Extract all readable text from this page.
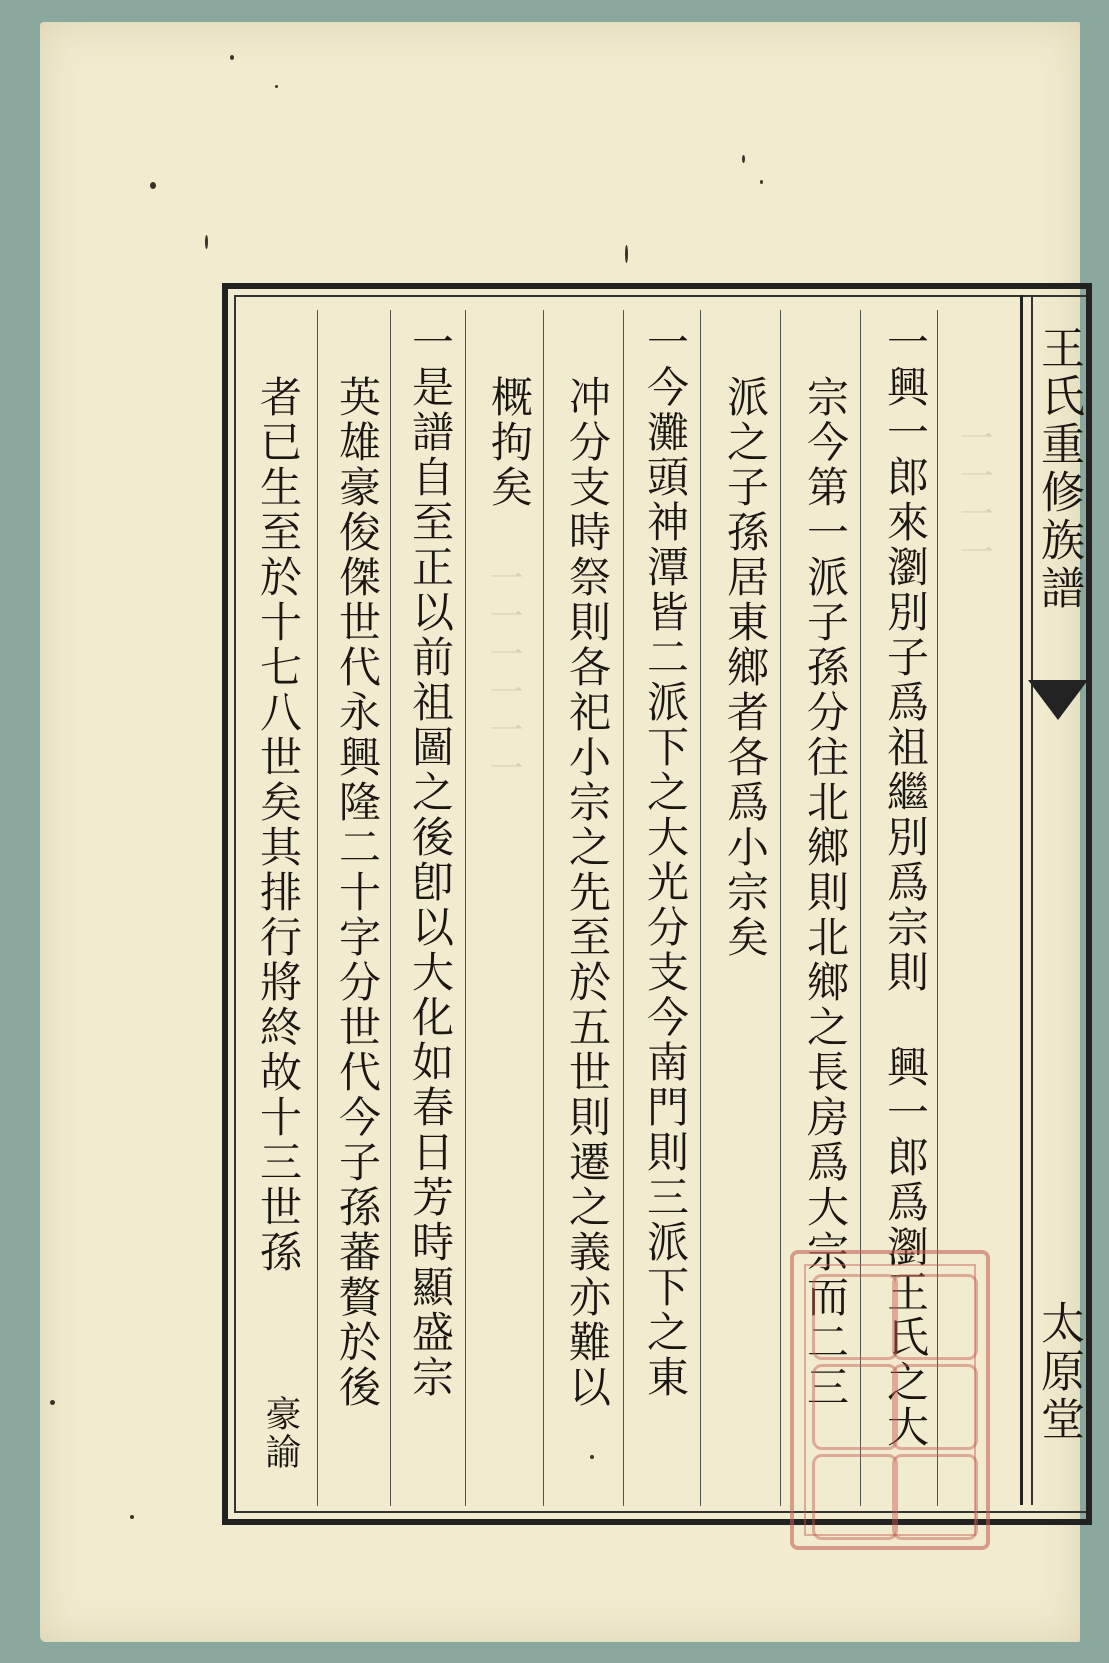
一一一一
一一一一一一	一興一郎來瀏別子爲祖繼別爲宗則
興一郎爲瀏王氏之大
宗今第一派子孫分往北鄉則北鄉之長房爲大宗而二三
派之子孫居東鄉者各爲小宗矣
一今灘頭神潭皆二派下之大光分支今南門則三派下之東
冲分支時祭則各祀小宗之先至於五世則遷之義亦難以
概拘矣
一是譜自至正以前祖圖之後卽以大化如春日芳時顯盛宗
英雄豪俊傑世代永興隆二十字分世代今子孫蕃贅於後
者已生至於十七八世矣其排行將終故十三世孫
豪諭
王氏重修族譜
太原堂
